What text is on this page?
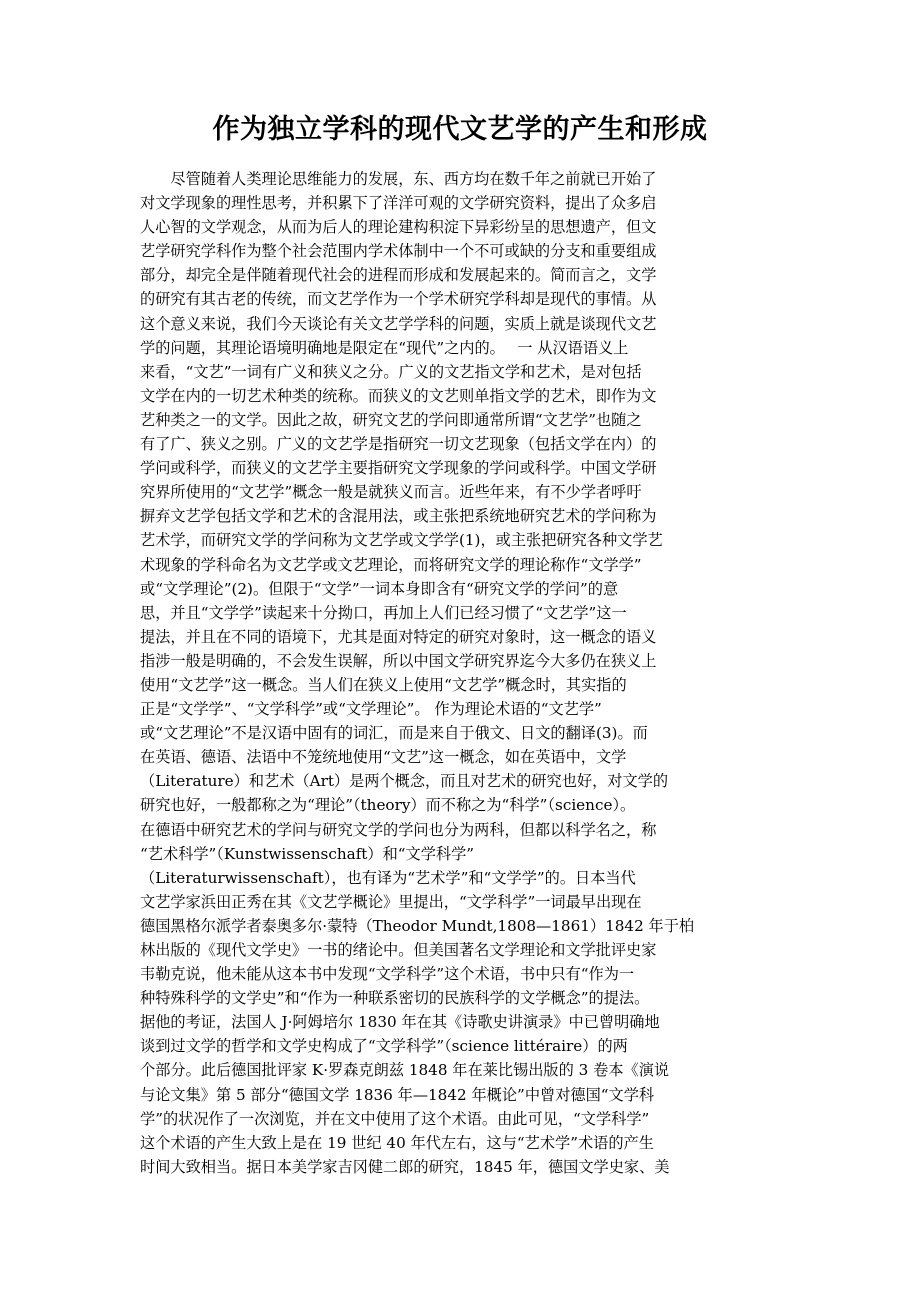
作为独立学科的现代文艺学的产生和形成
　　尽管随着人类理论思维能力的发展，东、西方均在数千年之前就已开始了
对文学现象的理性思考，并积累下了洋洋可观的文学研究资料，提出了众多启
人心智的文学观念，从而为后人的理论建构积淀下异彩纷呈的思想遗产，但文
艺学研究学科作为整个社会范围内学术体制中一个不可或缺的分支和重要组成
部分，却完全是伴随着现代社会的进程而形成和发展起来的。简而言之，文学
的研究有其古老的传统，而文艺学作为一个学术研究学科却是现代的事情。从
这个意义来说，我们今天谈论有关文艺学学科的问题，实质上就是谈现代文艺
学的问题，其理论语境明确地是限定在“现代”之内的。　 一 从汉语语义上
来看，“文艺”一词有广义和狭义之分。广义的文艺指文学和艺术，是对包括
文学在内的一切艺术种类的统称。而狭义的文艺则单指文学的艺术，即作为文
艺种类之一的文学。因此之故，研究文艺的学问即通常所谓“文艺学”也随之
有了广、狭义之别。广义的文艺学是指研究一切文艺现象（包括文学在内）的
学问或科学，而狭义的文艺学主要指研究文学现象的学问或科学。中国文学研
究界所使用的“文艺学”概念一般是就狭义而言。近些年来，有不少学者呼吁
摒弃文艺学包括文学和艺术的含混用法，或主张把系统地研究艺术的学问称为
艺术学，而研究文学的学问称为文艺学或文学学(1)，或主张把研究各种文学艺
术现象的学科命名为文艺学或文艺理论，而将研究文学的理论称作“文学学”
或“文学理论”(2)。但限于“文学”一词本身即含有“研究文学的学问”的意
思，并且“文学学”读起来十分拗口，再加上人们已经习惯了“文艺学”这一
提法，并且在不同的语境下，尤其是面对特定的研究对象时，这一概念的语义
指涉一般是明确的，不会发生误解，所以中国文学研究界迄今大多仍在狭义上
使用“文艺学”这一概念。当人们在狭义上使用“文艺学”概念时，其实指的
正是“文学学”、“文学科学”或“文学理论”。 作为理论术语的“文艺学”
或“文艺理论”不是汉语中固有的词汇，而是来自于俄文、日文的翻译(3)。而
在英语、德语、法语中不笼统地使用“文艺”这一概念，如在英语中，文学
（Literature）和艺术（Art）是两个概念，而且对艺术的研究也好，对文学的
研究也好，一般都称之为“理论”（theory）而不称之为“科学”（science）。
在德语中研究艺术的学问与研究文学的学问也分为两科，但都以科学名之，称
“艺术科学”（Kunstwissenschaft）和“文学科学”
（Literaturwissenschaft），也有译为“艺术学”和“文学学”的。日本当代
文艺学家浜田正秀在其《文艺学概论》里提出，“文学科学”一词最早出现在
德国黑格尔派学者泰奥多尔·蒙特（Theodor Mundt,1808—1861）1842 年于柏
林出版的《现代文学史》一书的绪论中。但美国著名文学理论和文学批评史家
韦勒克说，他未能从这本书中发现“文学科学”这个术语，书中只有“作为一
种特殊科学的文学史”和“作为一种联系密切的民族科学的文学概念”的提法。
据他的考证，法国人 J·阿姆培尔 1830 年在其《诗歌史讲演录》中已曾明确地
谈到过文学的哲学和文学史构成了“文学科学”（science littéraire）的两
个部分。此后德国批评家 K·罗森克朗兹 1848 年在莱比锡出版的 3 卷本《演说
与论文集》第 5 部分“德国文学 1836 年—1842 年概论”中曾对德国“文学科
学”的状况作了一次浏览，并在文中使用了这个术语。由此可见，“文学科学”
这个术语的产生大致上是在 19 世纪 40 年代左右，这与“艺术学”术语的产生
时间大致相当。据日本美学家吉冈健二郎的研究，1845 年，德国文学史家、美
